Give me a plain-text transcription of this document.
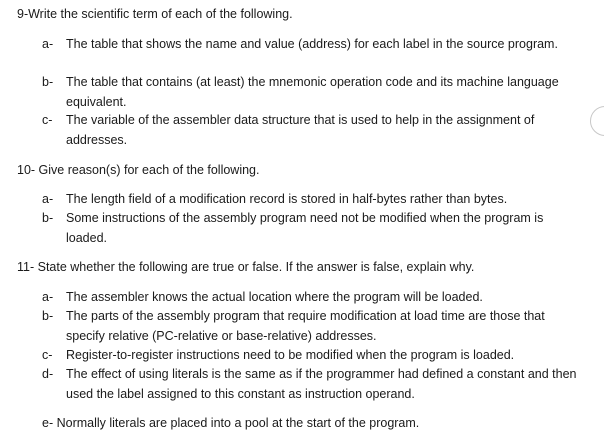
9-Write the scientific term of each of the following.
a-	The table that shows the name and value (address) for each label in the source program.
b-	The table that contains (at least) the mnemonic operation code and its machine language equivalent.
c-	The variable of the assembler data structure that is used to help in the assignment of addresses.
10- Give reason(s) for each of the following.
a-	The length field of a modification record is stored in half-bytes rather than bytes.
b-	Some instructions of the assembly program need not be modified when the program is loaded.
11- State whether the following are true or false. If the answer is false, explain why.
a-	The assembler knows the actual location where the program will be loaded.
b-	The parts of the assembly program that require modification at load time are those that specify relative (PC-relative or base-relative) addresses.
c-	Register-to-register instructions need to be modified when the program is loaded.
d-	The effect of using literals is the same as if the programmer had defined a constant and then used the label assigned to this constant as instruction operand.
e- Normally literals are placed into a pool at the start of the program.
